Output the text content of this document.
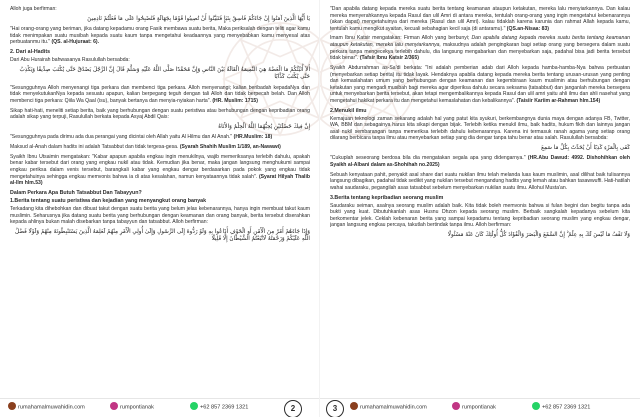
Alloh juga berfirman:

يَا أَيُّهَا الَّذِينَ آمَنُوا إِنْ جَاءَكُمْ فَاسِقٌ بِنَبَإٍ فَتَبَيَّنُوا أَنْ تُصِيبُوا قَوْمًا بِجَهَالَةٍ فَتُصْبِحُوا عَلَى مَا فَعَلْتُمْ نَادِمِينَ

"Hai orang-orang yang beriman, jika datang kepadamu orang Fasik membawa suatu berita, Maka periksalah dengan teliti agar kamu tidak menimpakan suatu musibah kepada suatu kaum tanpa mengetahui keadaannya yang menyebabkan kamu menyesal atas perbuatanmu itu." (QS. al-Hujuraat: 6).

2. Dari al-Hadits

Dari Abu Hurairah bahwasanya Rasulullah bersabda:

أَلاَ أُنَبِّئُكُمْ مَا الْعَضْهُ هِيَ النَّمِيمَةُ الْقَالَةُ بَيْنَ النَّاسِ وَإِنَّ مُحَمَّدًا صَلَّى اللَّهُ عَلَيْهِ وَسَلَّمَ قَالَ إِنَّ الرَّجُلَ يَصْدُقُ حَتَّى يُكْتَبَ صِدِّيقًا وَيَكْذِبُ حَتَّى يُكْتَبَ كَذَّابًا

"Sesungguhnya Alloh menyenangi tiga perkara dan membenci tiga perkara. Alloh menyenangi; kalian beribadah kepadaNya dan tidak menyekutukanNya kepada sesuatu apapun, kalian berpegang teguh dengan tali Alloh dan tidak berpecah belah. Dan Alloh membenci tiga perkara: Qiila Wa Qaal (isu), banyak bertanya dan menyia-nyiakan harta". (HR. Muslim: 1715)

Sikap hati-hati, meneliti setiap berita, baik yang berhubungan dengan suatu peristiwa atau berhubungan dengan kepribadian orang adalah sikap yang terpuji, Rasulullah berkata kepada Asyaj Abdil Qais:

إِنَّ فِيكَ خَصْلَتَيْنِ يُحِبُّهُمَا اللَّهُ الْحِلْمُ وَالأَنَاةُ

"Sesungguhnya pada dirimu ada dua perangai yang dicintai oleh Allah yaitu Al Hilmu dan Al Anah." (HR.Muslim: 18)

Maksud al-Anah dalam hadits ini adalah Tatsabbut dan tidak tergesa-gesa. (Syarah Shahih Muslim 1/189, an-Nawawi)

Syaikh Ibnu Utsaimin mengatakan: "Kabar apapun apabila engkau ingin menukilnya, wajib memeriksanya terlebih dahulu, apakah benar kabar tersebut dari orang yang engkau nukil atau tidak. Kemudian jika benar, maka jangan langsung menghukumi sampai engkau periksa dalam venis tersebut, barangkali kabar yang engkau dengar berdasarkan pada pokok yang engkau tidak mengetahuinya sehingga engkau memvonis bahwa ia di atas kesalahan, namun kenyataannya tidak salah". (Syarat Hilyah Thalib al-Ilm hlm.53)

Dalam Perkara Apa Butuh Tatsabbut Dan Tabayyun?

1.Berita tentang suatu peristiwa dan kejadian yang menyangkut orang banyak

Terkadang kita dihebohkan dan dibuat takut dengan suatu berita yang belum jelas kebenarannya, hanya ingin membuat takut kaum muslimin. Seharusnya jika datang suatu berita yang berhubungan dengan keamanan dan orang banyak, berita tersebut diserahkan kepada ahlinya bukan malah disebarkan tanpa tabayyun dan tatsabbut. Alloh berfirman:

وَإِذَا جَاءَهُمْ أَمْرٌ مِنَ الْأَمْنِ أَوِ الْخَوْفِ أَذَاعُوا بِهِ وَلَوْ رَدُّوهُ إِلَى الرَّسُولِ وَإِلَىٰ أُولِي الْأَمْرِ مِنْهُمْ لَعَلِمَهُ الَّذِينَ يَسْتَنْبِطُونَهُ مِنْهُمْ وَلَوْلَا فَضْلُ اللَّهِ عَلَيْكُمْ وَرَحْمَتُهُ لَاتَّبَعْتُمُ الشَّيْطَانَ إِلَّا قَلِيلًا

rumahamalmuwahidin.com	rumpontianak	+62 857 2369 1321	2

"Dan apabila datang kepada mereka suatu berita tentang keamanan ataupun ketakutan, mereka lalu menyiarkannya. Dan kalau mereka menyerahkannya kepada Rasul dan ulil Amri di antara mereka, tentulah orang-orang yang ingin mengetahui kebenarannya (akan dapat) mengetahuinya dari mereka (Rasul dan ulil Amri). kalau tidaklah karena karunia dan rahmat Allah kepada kamu, tentulah kamu mengikut syaitan, kecuali sebahagian kecil saja (di antaramu)." (QS.an-Nisaa: 83)

Imam Ibnu Katsir mengatakan: Firman Alloh yang berbunyi; Dan apabila datang kepada mereka suatu berita tentang keamanan ataupun ketakutan, mereka lalu menyiarkannya, maksudnya adalah pengingkaran bagi setiap orang yang bersegera dalam suatu perkara tanpa mengecekya terlebih dahulu, dia langsung mengabarkan dan menyebarkan saja, padahal bisa jadi berita tersebut tidak benar". (Tafsir Ibnu Katsir 2/365)

Syaikh Abdurrahman as-Sa'di berkata: "Ini adalah pemberian adab dari Alloh kepada hamba-hamba-Nya bahwa perbuatan (menyebarkan setiap berita) itu tidak layak. Hendaknya apabila datang kepada mereka berita tentang urusan-urusan yang penting dan kemaslahatan umum yang berhubungan dengan keamanan dan kegembiraan kaum muslimin atau berhubungan dengan ketakutan yang mengadi musibah bagi mereka agar diperiksa dahulu secara seksama (tatsabbut) dan janganlah mereka bersegera untuk menyebarkan berita tersebut, akan tetapi mengembalikannya kepada Rasul dan ulil amri yaitu ahli ilmu dan ahli nasehat yang mengetahui hakikat perkara itu dan mengetahui kemaslahatan dan kebalikannya". (Taisiir Kariim ar-Rahman hlm.154)

2.Menukil ilmu

Kemajuan teknologi zaman sekarang adalah hal yang patut kita syukuri, berkembangnya dunia maya dengan adanya FB, Twitter, WA, BBM dan sebagainya harus kita sikapi dengan bijak. Terlebih ketika menukil ilmu, baik hadits, hukum fikih dan lainnya jangan asal nukil sembarangan tanpa memeriksa terlebih dahulu kebenarannya. Karena ini termasuk ranah agama yang setiap orang dilarang berbicara tanpa ilmu atau menyebarkan setiap yang dia dengar tanpa tahu benar atau salah. Rasulullah bersabda:

كَفَى بِالْمَرْءِ كَذِبًا أَنْ يُحَدِّثَ بِكُلِّ مَا سَمِعَ

"Cukuplah seseorang berdosa bila dia mengatakan segala apa yang didengarnya." (HR.Abu Dawud: 4992. Dishohihkan oleh Syaikh al-Albani dalam as-Shohihah no.2025)

Sebuah kenyataan pahit, penyakit asal share dari suatu nukilan ilmu telah melanda luas kaum muslimin, asal dilihat baik tulisannya langsung dibagikan, padahal tidak sedikit yang nukilan tersebut mengandung hadits yang lemah atau bahkan tasawwuffi. Hati-hatilah wahai saudaraku, pegangilah asas tatsabbut sebelum menyebarkan nukilan suatu ilmu. Allohul Musta'an.

3.Berita tentang kepribadian seorang muslim

Saudaraku seiman, asalnya seorang muslim adalah baik. Kita tidak boleh memvonis bahwa si fulan begini dan begitu tanpa ada bukti yang kuat. Dibutuhkanlah asas Husnu Dhzon kepada seorang muslim. Berbaik sangkalah kepadanya sebelum kita berkomentar jelek. Ceklah kebenaran berita yang sampai kepadamu tentang kepribadian seorang muslim yang engkau dengar, jangan langsung engkau percaya, takutlah bertindak tanpa ilmu. Alloh berfirman:

وَلَا تَقْفُ مَا لَيْسَ لَكَ بِهِ عِلْمٌ ۚ إِنَّ السَّمْعَ وَالْبَصَرَ وَالْفُؤَادَ كُلُّ أُولَٰئِكَ كَانَ عَنْهُ مَسْئُولًا

rumahamalmuwahidin.com	rumpontianak	+62 857 2369 1321
3
